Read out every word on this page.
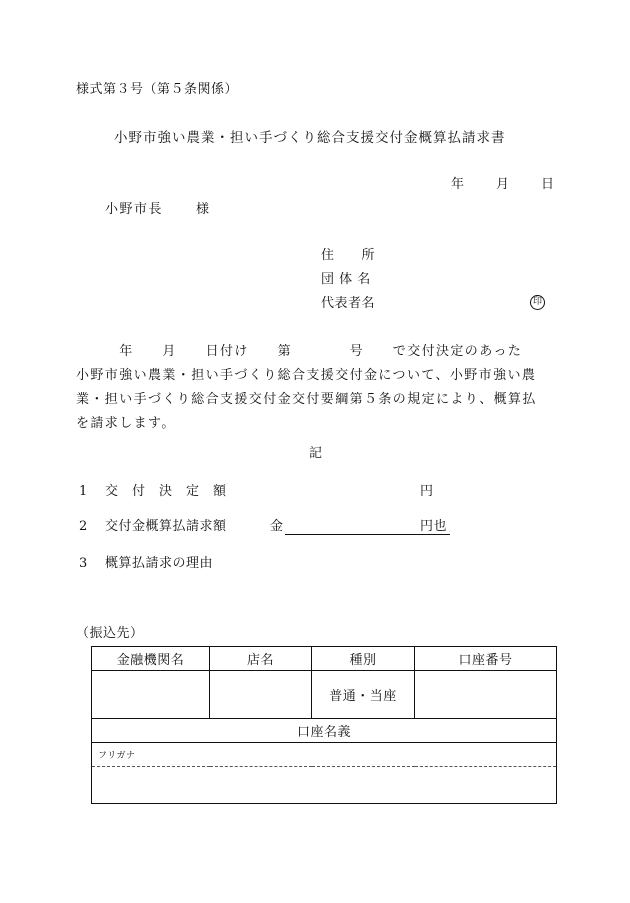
様式第３号（第５条関係）
小野市強い農業・担い手づくり総合支援交付金概算払請求書
年 月 日
小野市長	様
住　　所
団 体 名
代表者名	印
　　　年　　月　　日付け　　第　　　　号　　で交付決定のあった
小野市強い農業・担い手づくり総合支援交付金について、小野市強い農
業・担い手づくり総合支援交付金交付要綱第５条の規定により、概算払
を請求します。
記
1 交　付　決　定　額	円
2 交付金概算払請求額	金	円也
3 概算払請求の理由
（振込先）
金融機関名	店名	種別	口座番号
		普通・当座	
口座名義			
フリガナ			
